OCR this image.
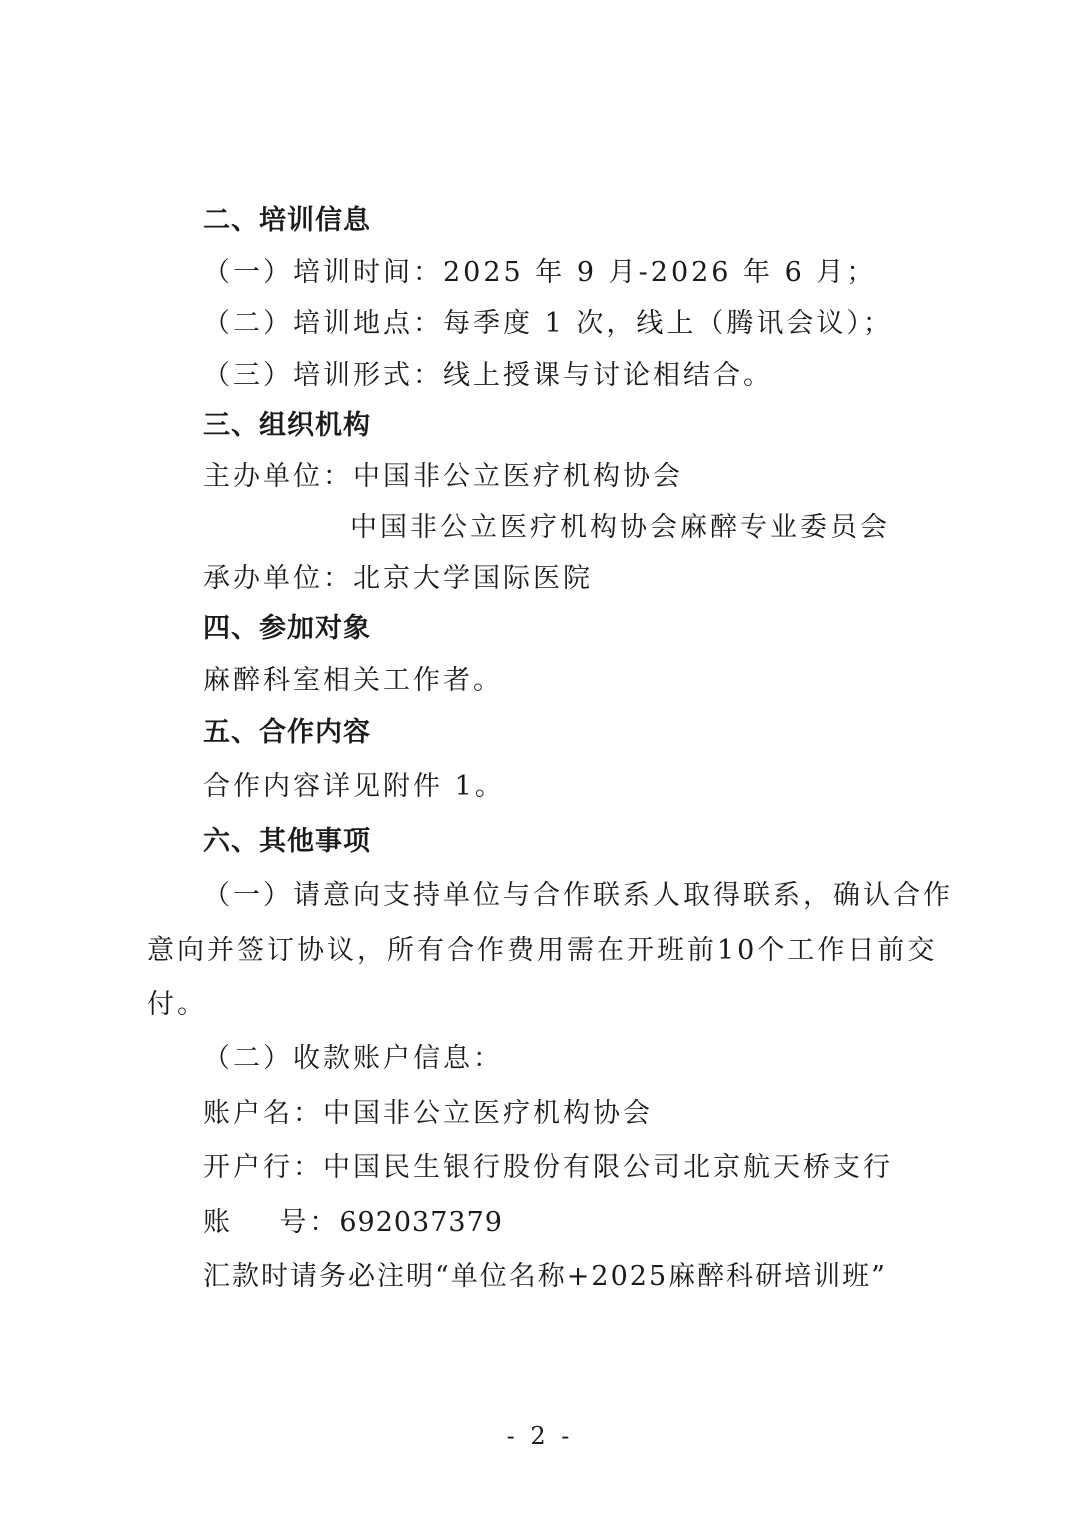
二、培训信息
（一）培训时间：2025 年 9 月-2026 年 6 月；
（二）培训地点：每季度 1 次，线上（腾讯会议）；
（三）培训形式：线上授课与讨论相结合。
三、组织机构
主办单位：中国非公立医疗机构协会
中国非公立医疗机构协会麻醉专业委员会
承办单位：北京大学国际医院
四、参加对象
麻醉科室相关工作者。
五、合作内容
合作内容详见附件 1。
六、其他事项
（一）请意向支持单位与合作联系人取得联系，确认合作
意向并签订协议，所有合作费用需在开班前10个工作日前交
付。
（二）收款账户信息：
账户名：中国非公立医疗机构协会
开户行：中国民生银行股份有限公司北京航天桥支行
账    号：692037379
汇款时请务必注明“单位名称+2025麻醉科研培训班”
- 2 -
